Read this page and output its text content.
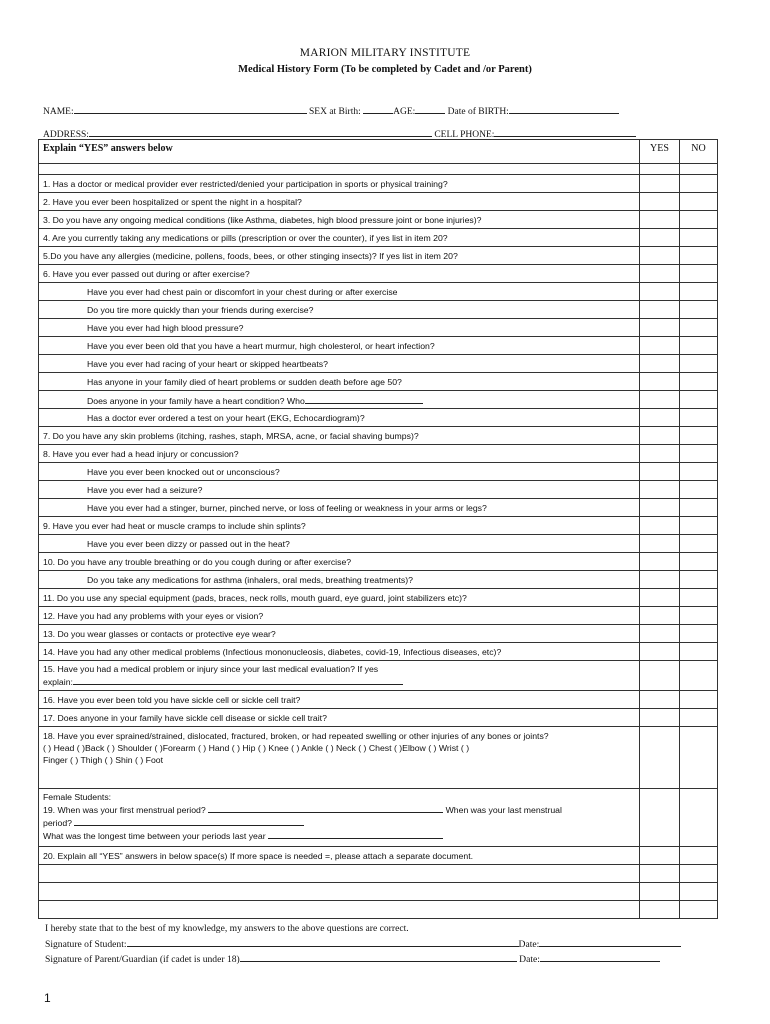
MARION MILITARY INSTITUTE
Medical History Form (To be completed by Cadet and /or Parent)
NAME:	SEX at Birth:	AGE:	Date of BIRTH:
ADDRESS:	CELL PHONE:
Explain “YES” answers below	YES	NO

1. Has a doctor or medical provider ever restricted/denied your participation in sports or physical training?		
2. Have you ever been hospitalized or spent the night in a hospital?		
3. Do you have any ongoing medical conditions (like Asthma, diabetes, high blood pressure joint or bone injuries)?		
4. Are you currently taking any medications or pills (prescription or over the counter), if yes list in item 20?		
5.Do you have any allergies (medicine, pollens, foods, bees, or other stinging insects)? If yes list in item 20?		
6. Have you ever passed out during or after exercise?		
Have you ever had chest pain or discomfort in your chest during or after exercise		
Do you tire more quickly than your friends during exercise?		
Have you ever had high blood pressure?		
Have you ever been old that you have a heart murmur, high cholesterol, or heart infection?		
Have you ever had racing of your heart or skipped heartbeats?		
Has anyone in your family died of heart problems or sudden death before age 50?		
Does anyone in your family have a heart condition? Who		
Has a doctor ever ordered a test on your heart (EKG, Echocardiogram)?		
7. Do you have any skin problems (itching, rashes, staph, MRSA, acne, or facial shaving bumps)?		
8. Have you ever had a head injury or concussion?		
Have you ever been knocked out or unconscious?		
Have you ever had a seizure?		
Have you ever had a stinger, burner, pinched nerve, or loss of feeling or weakness in your arms or legs?		
9. Have you ever had heat or muscle cramps to include shin splints?		
Have you ever been dizzy or passed out in the heat?		
10. Do you have any trouble breathing or do you cough during or after exercise?		
Do you take any medications for asthma (inhalers, oral meds, breathing treatments)?		
11. Do you use any special equipment (pads, braces, neck rolls, mouth guard, eye guard, joint stabilizers etc)?		
12. Have you had any problems with your eyes or vision?		
13. Do you wear glasses or contacts or protective eye wear?		
14. Have you had any other medical problems (Infectious mononucleosis, diabetes, covid-19, Infectious diseases, etc)?		

15. Have you had a medical problem or injury since your last medical evaluation? If yes
explain:		

16. Have you ever been told you have sickle cell or sickle cell trait?		
17. Does anyone in your family have sickle cell disease or sickle cell trait?		

18. Have you ever sprained/strained, dislocated, fractured, broken, or had repeated swelling or other injuries of any bones or joints?
( ) Head ( )Back ( ) Shoulder ( )Forearm ( ) Hand ( ) Hip ( ) Knee ( ) Ankle ( ) Neck ( ) Chest ( )Elbow ( ) Wrist ( )
Finger ( ) Thigh ( ) Shin ( ) Foot		

Female Students:
19. When was your first menstrual period? When was your last menstrual
period?
What was the longest time between your periods last year		

20. Explain all “YES” answers in below space(s) If more space is needed =, please attach a separate document.		

I hereby state that to the best of my knowledge, my answers to the above questions are correct.
Signature of Student:	Date:
Signature of Parent/Guardian (if cadet is under 18)	Date:
1
